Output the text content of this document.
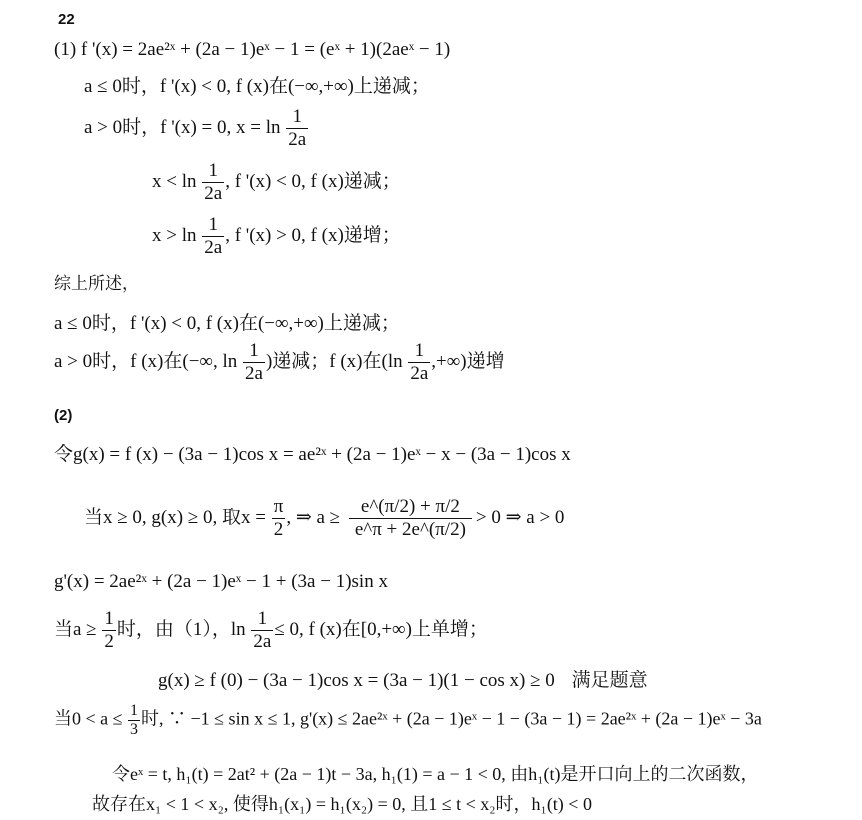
22
(1) f '(x) = 2ae²ˣ + (2a − 1)eˣ − 1 = (eˣ + 1)(2aeˣ − 1)
a ≤ 0时，f '(x) < 0, f (x)在(−∞,+∞)上递减；
a > 0时，f '(x) = 0, $x = \ln \frac{1}{2a}$
$x < \ln \frac{1}{2a}$ , f '(x) < 0, f (x)递减；
$x > \ln \frac{1}{2a}$ , f '(x) > 0, f (x)递增；
综上所述，
a ≤ 0时，f '(x) < 0, f (x)在(−∞,+∞)上递减；
a > 0时，f (x)在(−∞, $\ln \frac{1}{2a}$ )递减；f (x)在($\ln \frac{1}{2a}$ ,+∞)递增
(2)
令g(x) = f (x) − (3a − 1)cos x = ae²ˣ + (2a − 1)eˣ − x − (3a − 1)cos x
当x ≥ 0, g(x) ≥ 0, 取$x = \frac{\pi}{2}$ , ⇒ $a \ge \frac{e\^{}(\pi/2) + \pi/2}{e\^{}\pi + 2e\^{}(\pi/2)} > 0$ ⇒ a > 0
g'(x) = 2ae²ˣ + (2a − 1)eˣ − 1 + (3a − 1)sin x
当$a \ge \frac{1}{2}$ 时，由（1），$\ln \frac{1}{2a} \le 0$, f (x)在[0,+∞)上单增；
g(x) ≥ f (0) − (3a − 1)cos x = (3a − 1)(1 − cos x) ≥ 0 满足题意
当$0 < a \le \frac{1}{3}$ 时, ∵ −1 ≤ sin x ≤ 1, g'(x) ≤ 2ae²ˣ + (2a − 1)eˣ − 1 − (3a − 1) = 2ae²ˣ + (2a − 1)eˣ − 3a
令eˣ = t, h₁(t) = 2at² + (2a − 1)t − 3a, h₁(1) = a − 1 < 0, 由h₁(t)是开口向上的二次函数，
故存在x₁ < 1 < x₂, 使得h₁(x₁) = h₁(x₂) = 0, 且1 ≤ t < x₂时，h₁(t) < 0
